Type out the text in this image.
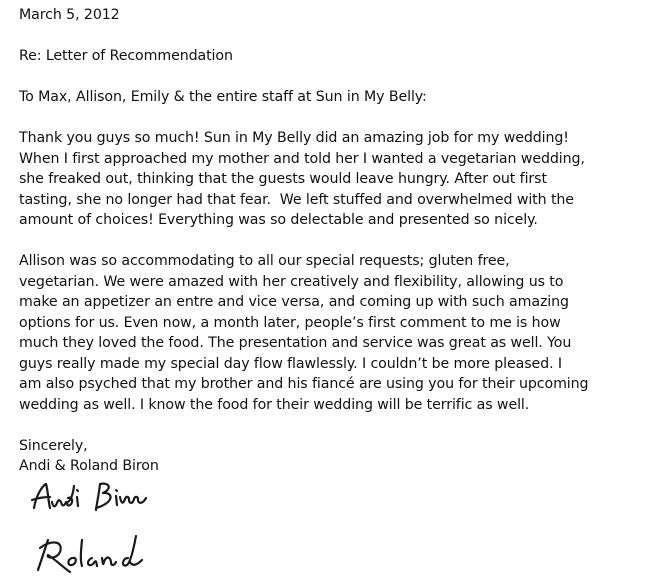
March 5, 2012
Re: Letter of Recommendation
To Max, Allison, Emily & the entire staff at Sun in My Belly:
Thank you guys so much! Sun in My Belly did an amazing job for my wedding!
When I first approached my mother and told her I wanted a vegetarian wedding,
she freaked out, thinking that the guests would leave hungry. After out first
tasting, she no longer had that fear.  We left stuffed and overwhelmed with the
amount of choices! Everything was so delectable and presented so nicely.
Allison was so accommodating to all our special requests; gluten free,
vegetarian. We were amazed with her creatively and flexibility, allowing us to
make an appetizer an entre and vice versa, and coming up with such amazing
options for us. Even now, a month later, people’s first comment to me is how
much they loved the food. The presentation and service was great as well. You
guys really made my special day flow flawlessly. I couldn’t be more pleased. I
am also psyched that my brother and his fiancé are using you for their upcoming
wedding as well. I know the food for their wedding will be terrific as well.
Sincerely,
Andi & Roland Biron
